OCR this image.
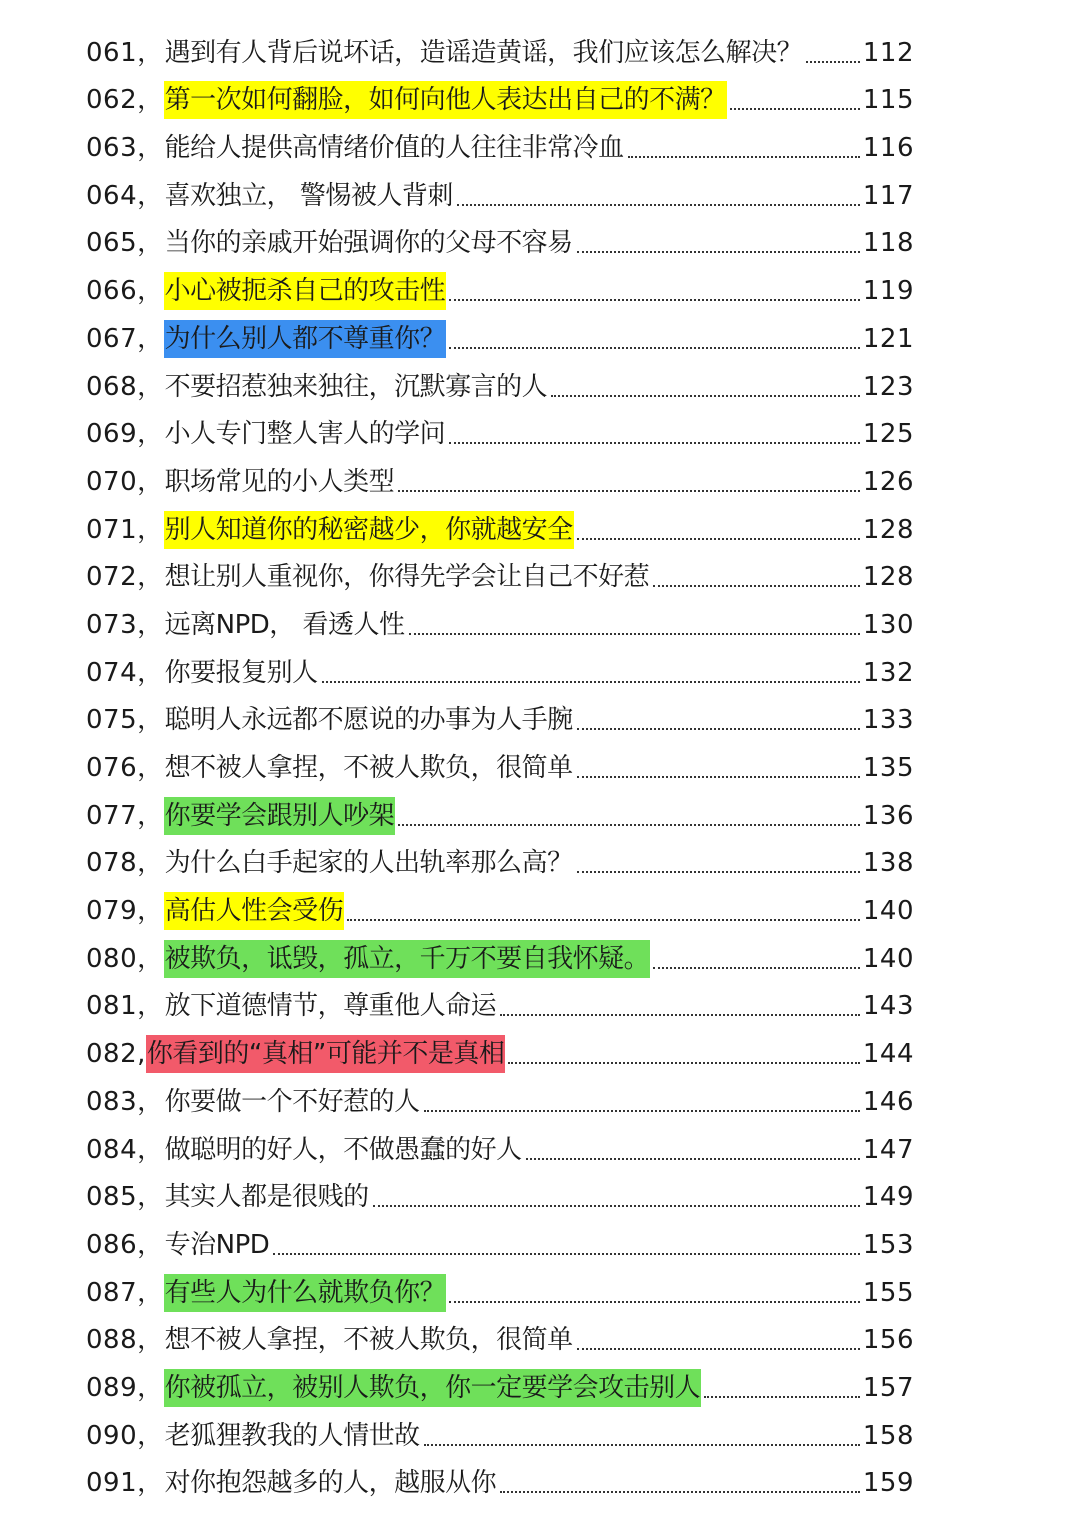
061， 遇到有人背后说坏话，造谣造黄谣，我们应该怎么解决？ 112
062， 第一次如何翻脸，如何向他人表达出自己的不满？	115
063， 能给人提供高情绪价值的人往往非常冷血	116
064， 喜欢独立， 警惕被人背刺	117
065， 当你的亲戚开始强调你的父母不容易	118
066， 小心被扼杀自己的攻击性	119
067， 为什么别人都不尊重你？	121
068， 不要招惹独来独往，沉默寡言的人	123
069， 小人专门整人害人的学问	125
070， 职场常见的小人类型	126
071， 别人知道你的秘密越少，你就越安全	128
072， 想让别人重视你，你得先学会让自己不好惹	128
073， 远离NPD， 看透人性	130
074， 你要报复别人	132
075， 聪明人永远都不愿说的办事为人手腕	133
076， 想不被人拿捏，不被人欺负，很简单	135
077， 你要学会跟别人吵架	136
078， 为什么白手起家的人出轨率那么高？	138
079， 高估人性会受伤	140
080， 被欺负，诋毁，孤立，千万不要自我怀疑。	140
081， 放下道德情节，尊重他人命运	143
082, 你看到的“真相”可能并不是真相	144
083， 你要做一个不好惹的人	146
084， 做聪明的好人，不做愚蠢的好人	147
085， 其实人都是很贱的	149
086， 专治NPD	153
087， 有些人为什么就欺负你？	155
088， 想不被人拿捏，不被人欺负，很简单	156
089， 你被孤立，被别人欺负，你一定要学会攻击别人	157
090， 老狐狸教我的人情世故	158
091， 对你抱怨越多的人，越服从你	159
